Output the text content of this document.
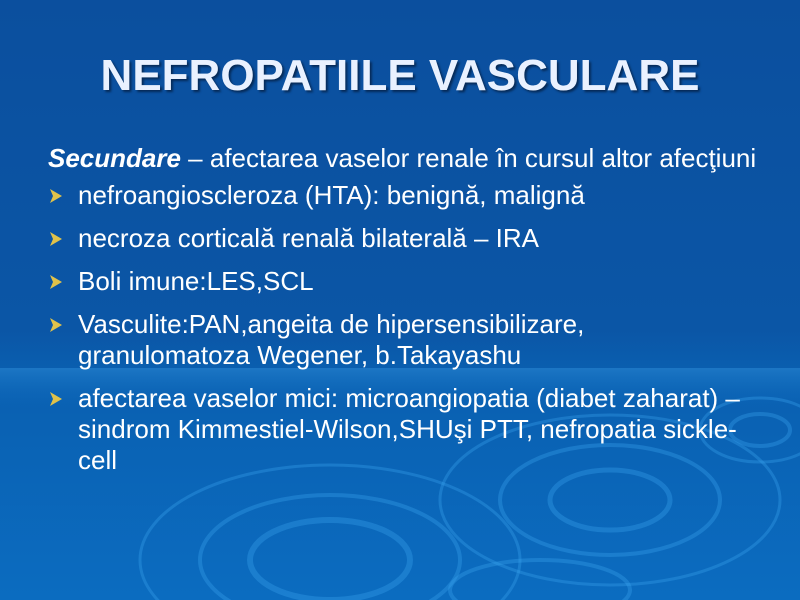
NEFROPATIILE VASCULARE
Secundare – afectarea vaselor renale în cursul altor afecţiuni
nefroangioscleroza (HTA): benignă, malignă
necroza corticală renală bilaterală – IRA
Boli imune:LES,SCL
Vasculite:PAN,angeita de hipersensibilizare, granulomatoza Wegener, b.Takayashu
afectarea vaselor mici: microangiopatia (diabet zaharat) – sindrom Kimmestiel-Wilson,SHUşi PTT, nefropatia sickle-cell
